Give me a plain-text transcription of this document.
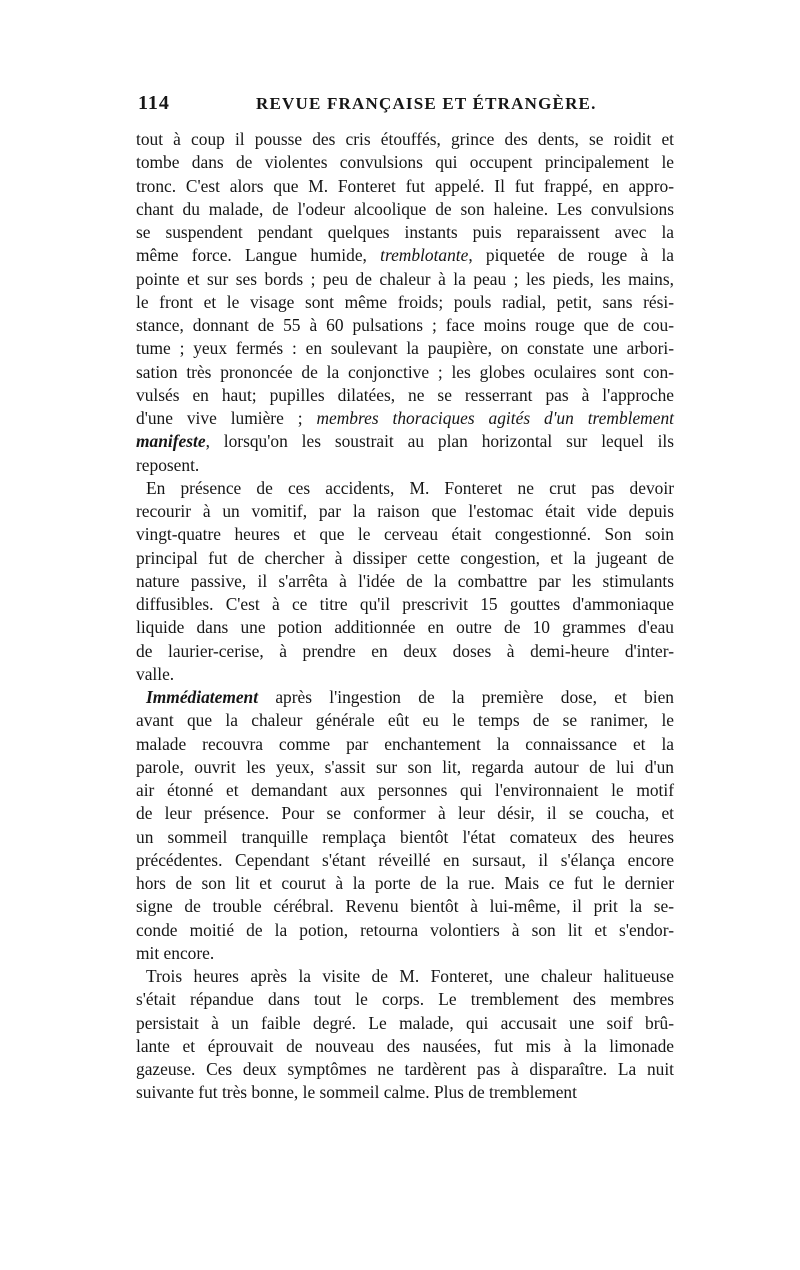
114	REVUE FRANÇAISE ET ÉTRANGÈRE.
tout à coup il pousse des cris étouffés, grince des dents, se roidit et
tombe dans de violentes convulsions qui occupent principalement le
tronc. C'est alors que M. Fonteret fut appelé. Il fut frappé, en appro-
chant du malade, de l'odeur alcoolique de son haleine. Les convulsions
se suspendent pendant quelques instants puis reparaissent avec la
même force. Langue humide, tremblotante, piquetée de rouge à la
pointe et sur ses bords ; peu de chaleur à la peau ; les pieds, les mains,
le front et le visage sont même froids; pouls radial, petit, sans rési-
stance, donnant de 55 à 60 pulsations ; face moins rouge que de cou-
tume ; yeux fermés : en soulevant la paupière, on constate une arbori-
sation très prononcée de la conjonctive ; les globes oculaires sont con-
vulsés en haut; pupilles dilatées, ne se resserrant pas à l'approche
d'une vive lumière ; membres thoraciques agités d'un tremblement
manifeste, lorsqu'on les soustrait au plan horizontal sur lequel ils
reposent.
En présence de ces accidents, M. Fonteret ne crut pas devoir
recourir à un vomitif, par la raison que l'estomac était vide depuis
vingt-quatre heures et que le cerveau était congestionné. Son soin
principal fut de chercher à dissiper cette congestion, et la jugeant de
nature passive, il s'arrêta à l'idée de la combattre par les stimulants
diffusibles. C'est à ce titre qu'il prescrivit 15 gouttes d'ammoniaque
liquide dans une potion additionnée en outre de 10 grammes d'eau
de laurier-cerise, à prendre en deux doses à demi-heure d'inter-
valle.
Immédiatement après l'ingestion de la première dose, et bien
avant que la chaleur générale eût eu le temps de se ranimer, le
malade recouvra comme par enchantement la connaissance et la
parole, ouvrit les yeux, s'assit sur son lit, regarda autour de lui d'un
air étonné et demandant aux personnes qui l'environnaient le motif
de leur présence. Pour se conformer à leur désir, il se coucha, et
un sommeil tranquille remplaça bientôt l'état comateux des heures
précédentes. Cependant s'étant réveillé en sursaut, il s'élança encore
hors de son lit et courut à la porte de la rue. Mais ce fut le dernier
signe de trouble cérébral. Revenu bientôt à lui-même, il prit la se-
conde moitié de la potion, retourna volontiers à son lit et s'endor-
mit encore.
Trois heures après la visite de M. Fonteret, une chaleur halitueuse
s'était répandue dans tout le corps. Le tremblement des membres
persistait à un faible degré. Le malade, qui accusait une soif brû-
lante et éprouvait de nouveau des nausées, fut mis à la limonade
gazeuse. Ces deux symptômes ne tardèrent pas à disparaître. La nuit
suivante fut très bonne, le sommeil calme. Plus de tremblement
